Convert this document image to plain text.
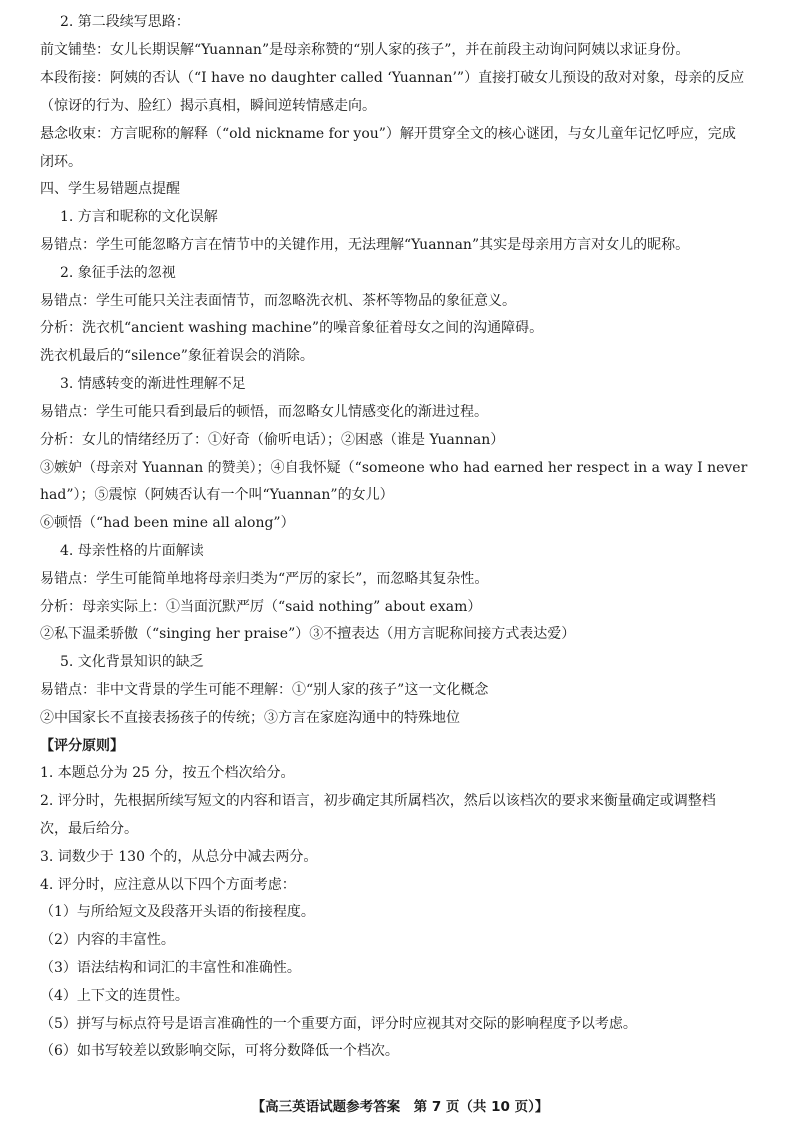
2. 第二段续写思路：
前文铺垫：女儿长期误解“Yuannan”是母亲称赞的“别人家的孩子”，并在前段主动询问阿姨以求证身份。
本段衔接：阿姨的否认（“I have no daughter called ‘Yuannan’”）直接打破女儿预设的敌对对象，母亲的反应
（惊讶的行为、脸红）揭示真相，瞬间逆转情感走向。
悬念收束：方言昵称的解释（“old nickname for you”）解开贯穿全文的核心谜团，与女儿童年记忆呼应，完成
闭环。
四、学生易错题点提醒
1. 方言和昵称的文化误解
易错点：学生可能忽略方言在情节中的关键作用，无法理解“Yuannan”其实是母亲用方言对女儿的昵称。
2. 象征手法的忽视
易错点：学生可能只关注表面情节，而忽略洗衣机、茶杯等物品的象征意义。
分析：洗衣机“ancient washing machine”的噪音象征着母女之间的沟通障碍。
洗衣机最后的“silence”象征着误会的消除。
3. 情感转变的渐进性理解不足
易错点：学生可能只看到最后的顿悟，而忽略女儿情感变化的渐进过程。
分析：女儿的情绪经历了：①好奇（偷听电话）；②困惑（谁是 Yuannan）
③嫉妒（母亲对 Yuannan 的赞美）；④自我怀疑（“someone who had earned her respect in a way I never
had”）；⑤震惊（阿姨否认有一个叫“Yuannan”的女儿）
⑥顿悟（“had been mine all along”）
4. 母亲性格的片面解读
易错点：学生可能简单地将母亲归类为“严厉的家长”，而忽略其复杂性。
分析：母亲实际上：①当面沉默严厉（“said nothing” about exam）
②私下温柔骄傲（“singing her praise”）③不擅表达（用方言昵称间接方式表达爱）
5. 文化背景知识的缺乏
易错点：非中文背景的学生可能不理解：①“别人家的孩子”这一文化概念
②中国家长不直接表扬孩子的传统；③方言在家庭沟通中的特殊地位
【评分原则】
1. 本题总分为 25 分，按五个档次给分。
2. 评分时，先根据所续写短文的内容和语言，初步确定其所属档次，然后以该档次的要求来衡量确定或调整档
次，最后给分。
3. 词数少于 130 个的，从总分中减去两分。
4. 评分时，应注意从以下四个方面考虑：
（1）与所给短文及段落开头语的衔接程度。
（2）内容的丰富性。
（3）语法结构和词汇的丰富性和准确性。
（4）上下文的连贯性。
（5）拼写与标点符号是语言准确性的一个重要方面，评分时应视其对交际的影响程度予以考虑。
（6）如书写较差以致影响交际，可将分数降低一个档次。
【高三英语试题参考答案　第 7 页（共 10 页）】
